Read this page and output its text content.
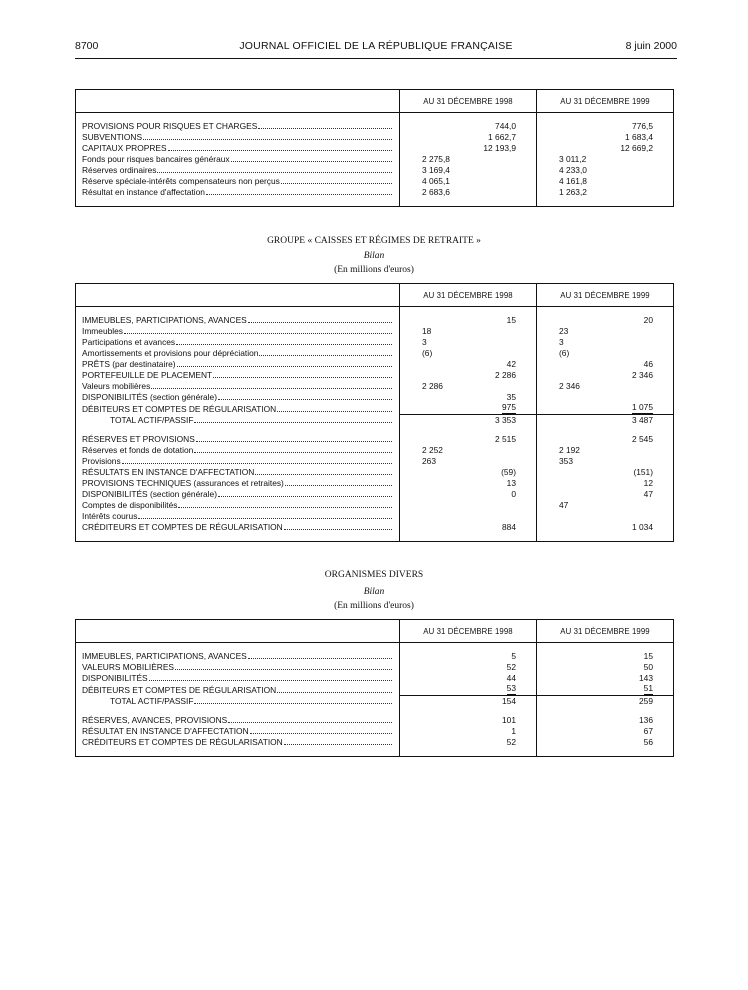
8700	JOURNAL OFFICIEL DE LA RÉPUBLIQUE FRANÇAISE	8 juin 2000
	AU 31 DÉCEMBRE 1998	AU 31 DÉCEMBRE 1999

PROVISIONS POUR RISQUES ET CHARGES	744,0	776,5

SUBVENTIONS	1 662,7	1 683,4

CAPITAUX PROPRES	12 193,9	12 669,2

Fonds pour risques bancaires généraux	2 275,8	3 011,2

Réserves ordinaires	3 169,4	4 233,0

Réserve spéciale-intérêts compensateurs non perçus	4 065,1	4 161,8

Résultat en instance d'affectation	2 683,6	1 263,2

GROUPE « CAISSES ET RÉGIMES DE RETRAITE »
Bilan
(En millions d'euros)
	AU 31 DÉCEMBRE 1998	AU 31 DÉCEMBRE 1999

IMMEUBLES, PARTICIPATIONS, AVANCES	15	20

Immeubles	18	23

Participations et avances	3	3

Amortissements et provisions pour dépréciation	(6)	(6)

PRÊTS (par destinataire)	42	46

PORTEFEUILLE DE PLACEMENT	2 286	2 346

Valeurs mobilières	2 286	2 346

DISPONIBILITÉS (section générale)	35	

DÉBITEURS ET COMPTES DE RÉGULARISATION	975	1 075

TOTAL ACTIF/PASSIF	3 353	3 487

RÉSERVES ET PROVISIONS	2 515	2 545

Réserves et fonds de dotation	2 252	2 192

Provisions	263	353

RÉSULTATS EN INSTANCE D'AFFECTATION	(59)	(151)

PROVISIONS TECHNIQUES (assurances et retraites)	13	12

DISPONIBILITÉS (section générale)	0	47

Comptes de disponibilités		47

Intérêts courus		

CRÉDITEURS ET COMPTES DE RÉGULARISATION	884	1 034

ORGANISMES DIVERS
Bilan
(En millions d'euros)
	AU 31 DÉCEMBRE 1998	AU 31 DÉCEMBRE 1999

IMMEUBLES, PARTICIPATIONS, AVANCES	5	15

VALEURS MOBILIÈRES	52	50

DISPONIBILITÉS	44	143

DÉBITEURS ET COMPTES DE RÉGULARISATION	53	51

TOTAL ACTIF/PASSIF	154	259

RÉSERVES, AVANCES, PROVISIONS	101	136

RÉSULTAT EN INSTANCE D'AFFECTATION	1	67

CRÉDITEURS ET COMPTES DE RÉGULARISATION	52	56
